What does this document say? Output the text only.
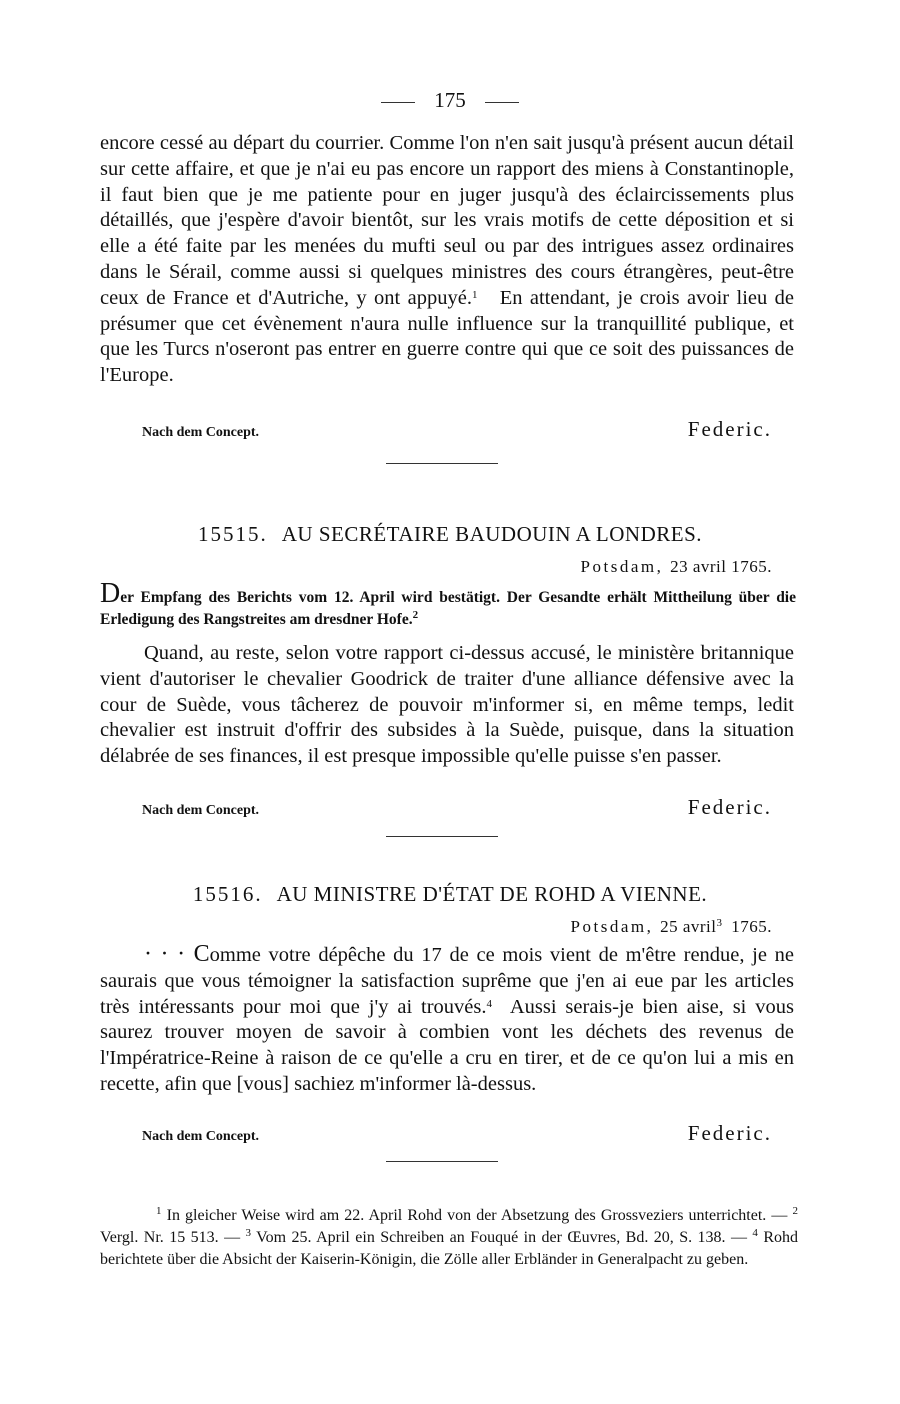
175

encore cessé au départ du courrier. Comme l'on n'en sait jusqu'à présent aucun détail sur cette affaire, et que je n'ai eu pas encore un rapport des miens à Constantinople, il faut bien que je me patiente pour en juger jusqu'à des éclaircissements plus détaillés, que j'espère d'avoir bientôt, sur les vrais motifs de cette déposition et si elle a été faite par les menées du mufti seul ou par des intrigues assez ordinaires dans le Sérail, comme aussi si quelques ministres des cours étrangères, peut-être ceux de France et d'Autriche, y ont appuyé.$^1$ En attendant, je crois avoir lieu de présumer que cet évènement n'aura nulle influence sur la tranquillité publique, et que les Turcs n'oseront pas entrer en guerre contre qui que ce soit des puissances de l'Europe.

Nach dem Concept.	Federic.
15515. AU SECRÉTAIRE BAUDOUIN A LONDRES.
Potsdam, 23 avril 1765.

Der Empfang des Berichts vom 12. April wird bestätigt. Der Gesandte erhält Mittheilung über die Erledigung des Rangstreites am dresdner Hofe.$^2$

Quand, au reste, selon votre rapport ci-dessus accusé, le ministère britannique vient d'autoriser le chevalier Goodrick de traiter d'une alliance défensive avec la cour de Suède, vous tâcherez de pouvoir m'informer si, en même temps, ledit chevalier est instruit d'offrir des subsides à la Suède, puisque, dans la situation délabrée de ses finances, il est presque impossible qu'elle puisse s'en passer.

Nach dem Concept.	Federic.
15516. AU MINISTRE D'ÉTAT DE ROHD A VIENNE.
Potsdam, 25 avril$^3$ 1765.

· · · Comme votre dépêche du 17 de ce mois vient de m'être rendue, je ne saurais que vous témoigner la satisfaction suprême que j'en ai eue par les articles très intéressants pour moi que j'y ai trouvés.$^4$ Aussi serais-je bien aise, si vous saurez trouver moyen de savoir à combien vont les déchets des revenus de l'Impératrice-Reine à raison de ce qu'elle a cru en tirer, et de ce qu'on lui a mis en recette, afin que [vous] sachiez m'informer là-dessus.

Nach dem Concept.	Federic.

$^1$ In gleicher Weise wird am 22. April Rohd von der Absetzung des Grossveziers unterrichtet. — $^2$ Vergl. Nr. 15 513. — $^3$ Vom 25. April ein Schreiben an Fouqué in der Œuvres, Bd. 20, S. 138. — $^4$ Rohd berichtete über die Absicht der Kaiserin-Königin, die Zölle aller Erbländer in Generalpacht zu geben.
